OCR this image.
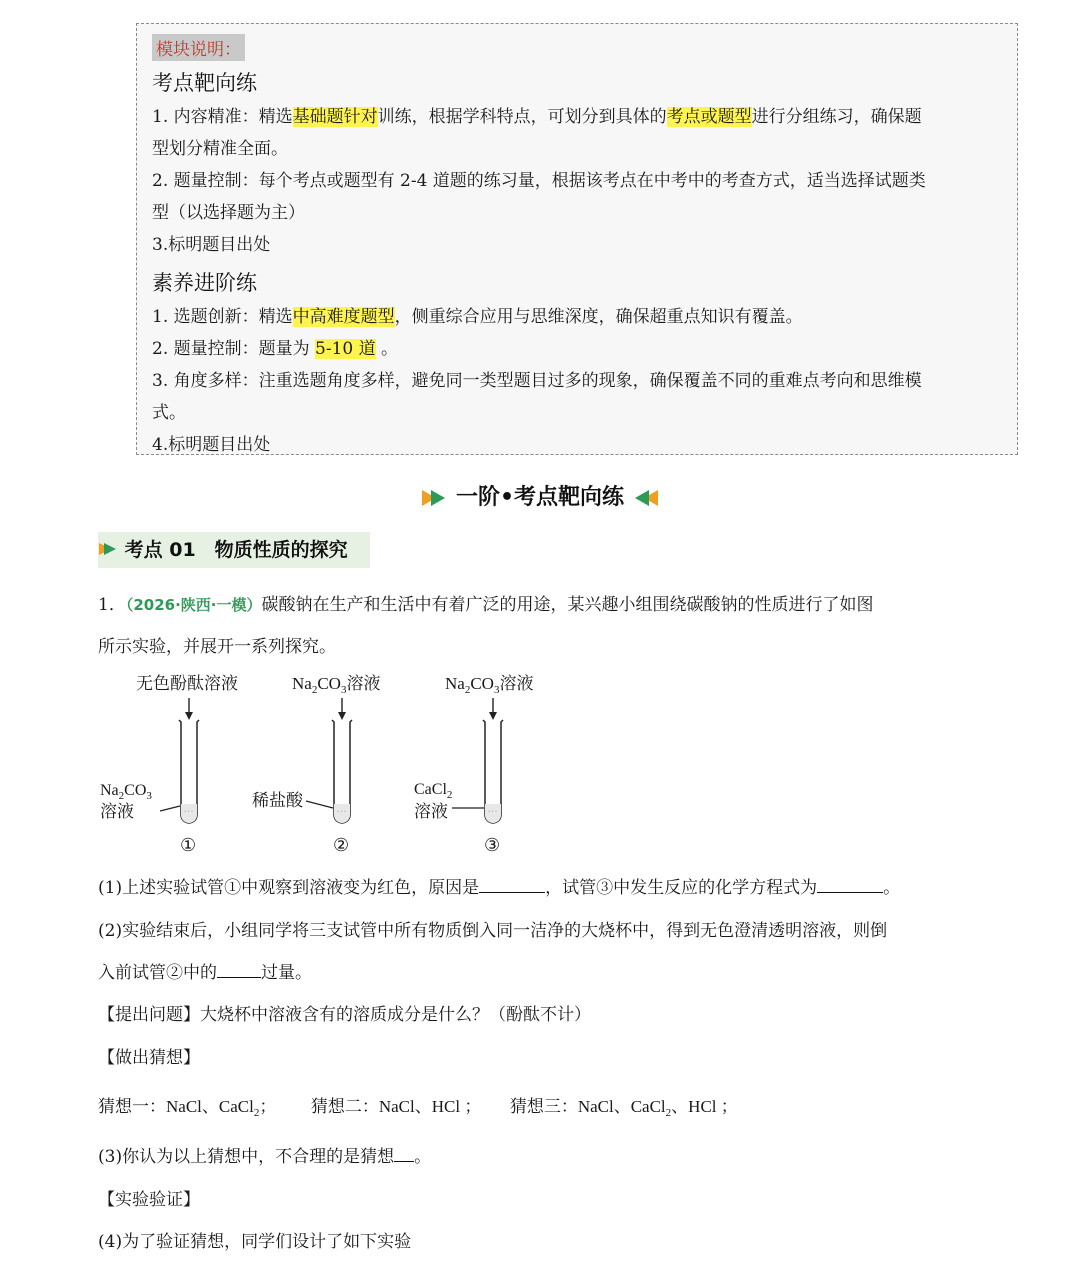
模块说明：
考点靶向练

1. 内容精准：精选基础题针对训练，根据学科特点，可划分到具体的考点或题型进行分组练习，确保题

型划分精准全面。

2. 题量控制：每个考点或题型有 2-4 道题的练习量，根据该考点在中考中的考查方式，适当选择试题类

型（以选择题为主）

3.标明题目出处

素养进阶练

1. 选题创新：精选中高难度题型，侧重综合应用与思维深度，确保超重点知识有覆盖。

2. 题量控制：题量为 5-10 道 。

3. 角度多样：注重选题角度多样，避免同一类型题目过多的现象，确保覆盖不同的重难点考向和思维模

式。

4.标明题目出处

一阶•考点靶向练
考点 01　物质性质的探究
1．（2026·陕西·一模）碳酸钠在生产和生活中有着广泛的用途，某兴趣小组围绕碳酸钠的性质进行了如图
所示实验，并展开一系列探究。
无色酚酞溶液
· · ·
$Na_2CO_3$
溶液
①
$Na_2CO_3$溶液
· · ·
稀盐酸
②
$Na_2CO_3$溶液
· · ·
CaCl$_2$
溶液
③
(1)上述实验试管①中观察到溶液变为红色，原因是	，试管③中发生反应的化学方程式为	。
(2)实验结束后，小组同学将三支试管中所有物质倒入同一洁净的大烧杯中，得到无色澄清透明溶液，则倒
入前试管②中的	过量。
【提出问题】大烧杯中溶液含有的溶质成分是什么？（酚酞不计）
【做出猜想】
猜想一：NaCl、CaCl$_2$； 猜想二：NaCl、HCl ； 猜想三：NaCl、CaCl$_2$、HCl ；
(3)你认为以上猜想中，不合理的是猜想 。
【实验验证】
(4)为了验证猜想，同学们设计了如下实验
